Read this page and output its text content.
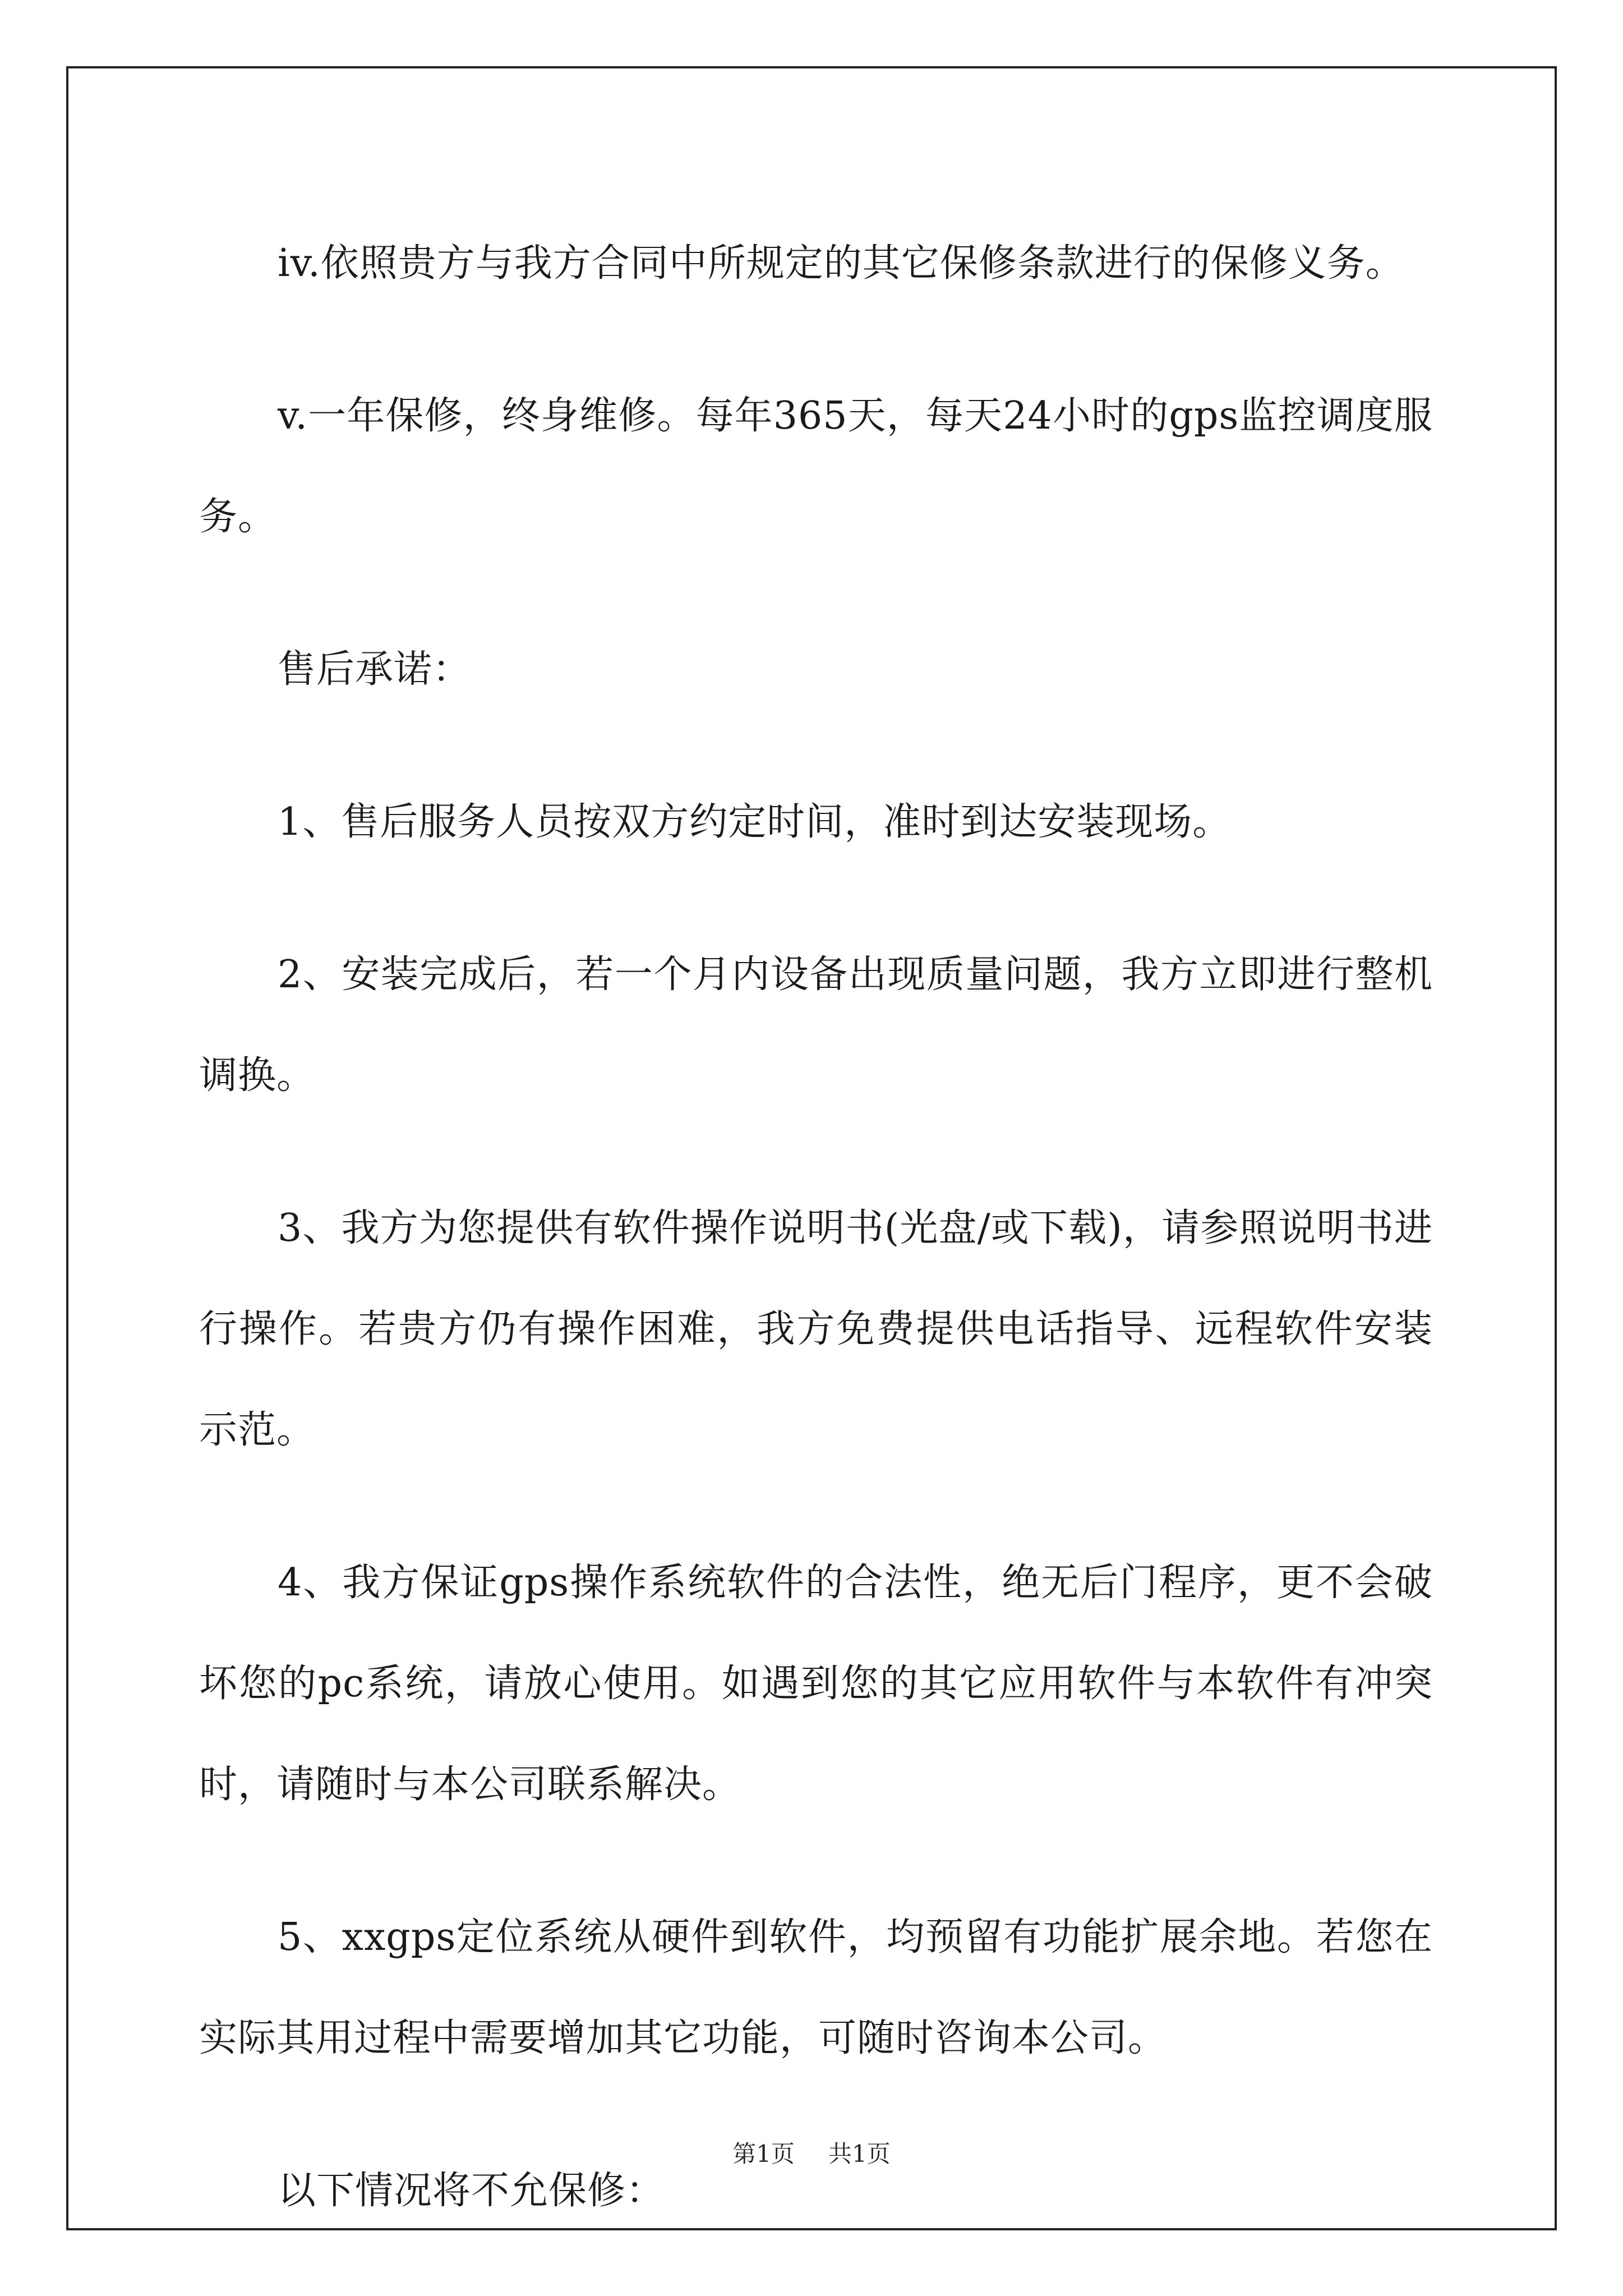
iv.依照贵方与我方合同中所规定的其它保修条款进行的保修义务。

v.一年保修，终身维修。每年365天，每天24小时的gps监控调度服务。

售后承诺：

1、售后服务人员按双方约定时间，准时到达安装现场。

2、安装完成后，若一个月内设备出现质量问题，我方立即进行整机调换。

3、我方为您提供有软件操作说明书(光盘/或下载)，请参照说明书进行操作。若贵方仍有操作困难，我方免费提供电话指导、远程软件安装示范。

4、我方保证gps操作系统软件的合法性，绝无后门程序，更不会破坏您的pc系统，请放心使用。如遇到您的其它应用软件与本软件有冲突时，请随时与本公司联系解决。

5、xxgps定位系统从硬件到软件，均预留有功能扩展余地。若您在实际其用过程中需要增加其它功能，可随时咨询本公司。

以下情况将不允保修：

第1页 共1页
